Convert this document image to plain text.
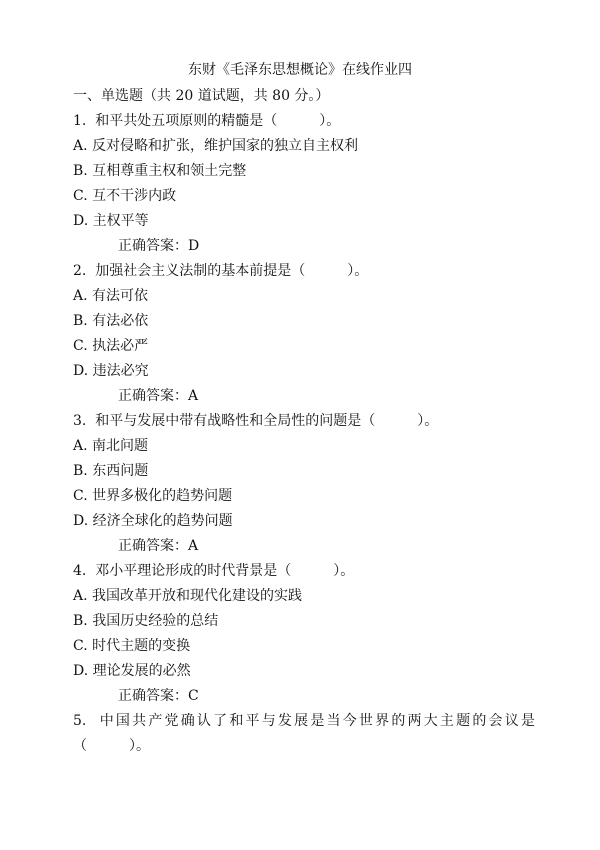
东财《毛泽东思想概论》在线作业四
一、单选题（共 20 道试题，共 80 分。）
1. 和平共处五项原则的精髓是（　　　）。
A. 反对侵略和扩张，维护国家的独立自主权利
B. 互相尊重主权和领土完整
C. 互不干涉内政
D. 主权平等
正确答案：D
2. 加强社会主义法制的基本前提是（　　　）。
A. 有法可依
B. 有法必依
C. 执法必严
D. 违法必究
正确答案：A
3. 和平与发展中带有战略性和全局性的问题是（　　　）。
A. 南北问题
B. 东西问题
C. 世界多极化的趋势问题
D. 经济全球化的趋势问题
正确答案：A
4. 邓小平理论形成的时代背景是（　　　）。
A. 我国改革开放和现代化建设的实践
B. 我国历史经验的总结
C. 时代主题的变换
D. 理论发展的必然
正确答案：C
5. 中国共产党确认了和平与发展是当今世界的两大主题的会议是
（　　　）。
